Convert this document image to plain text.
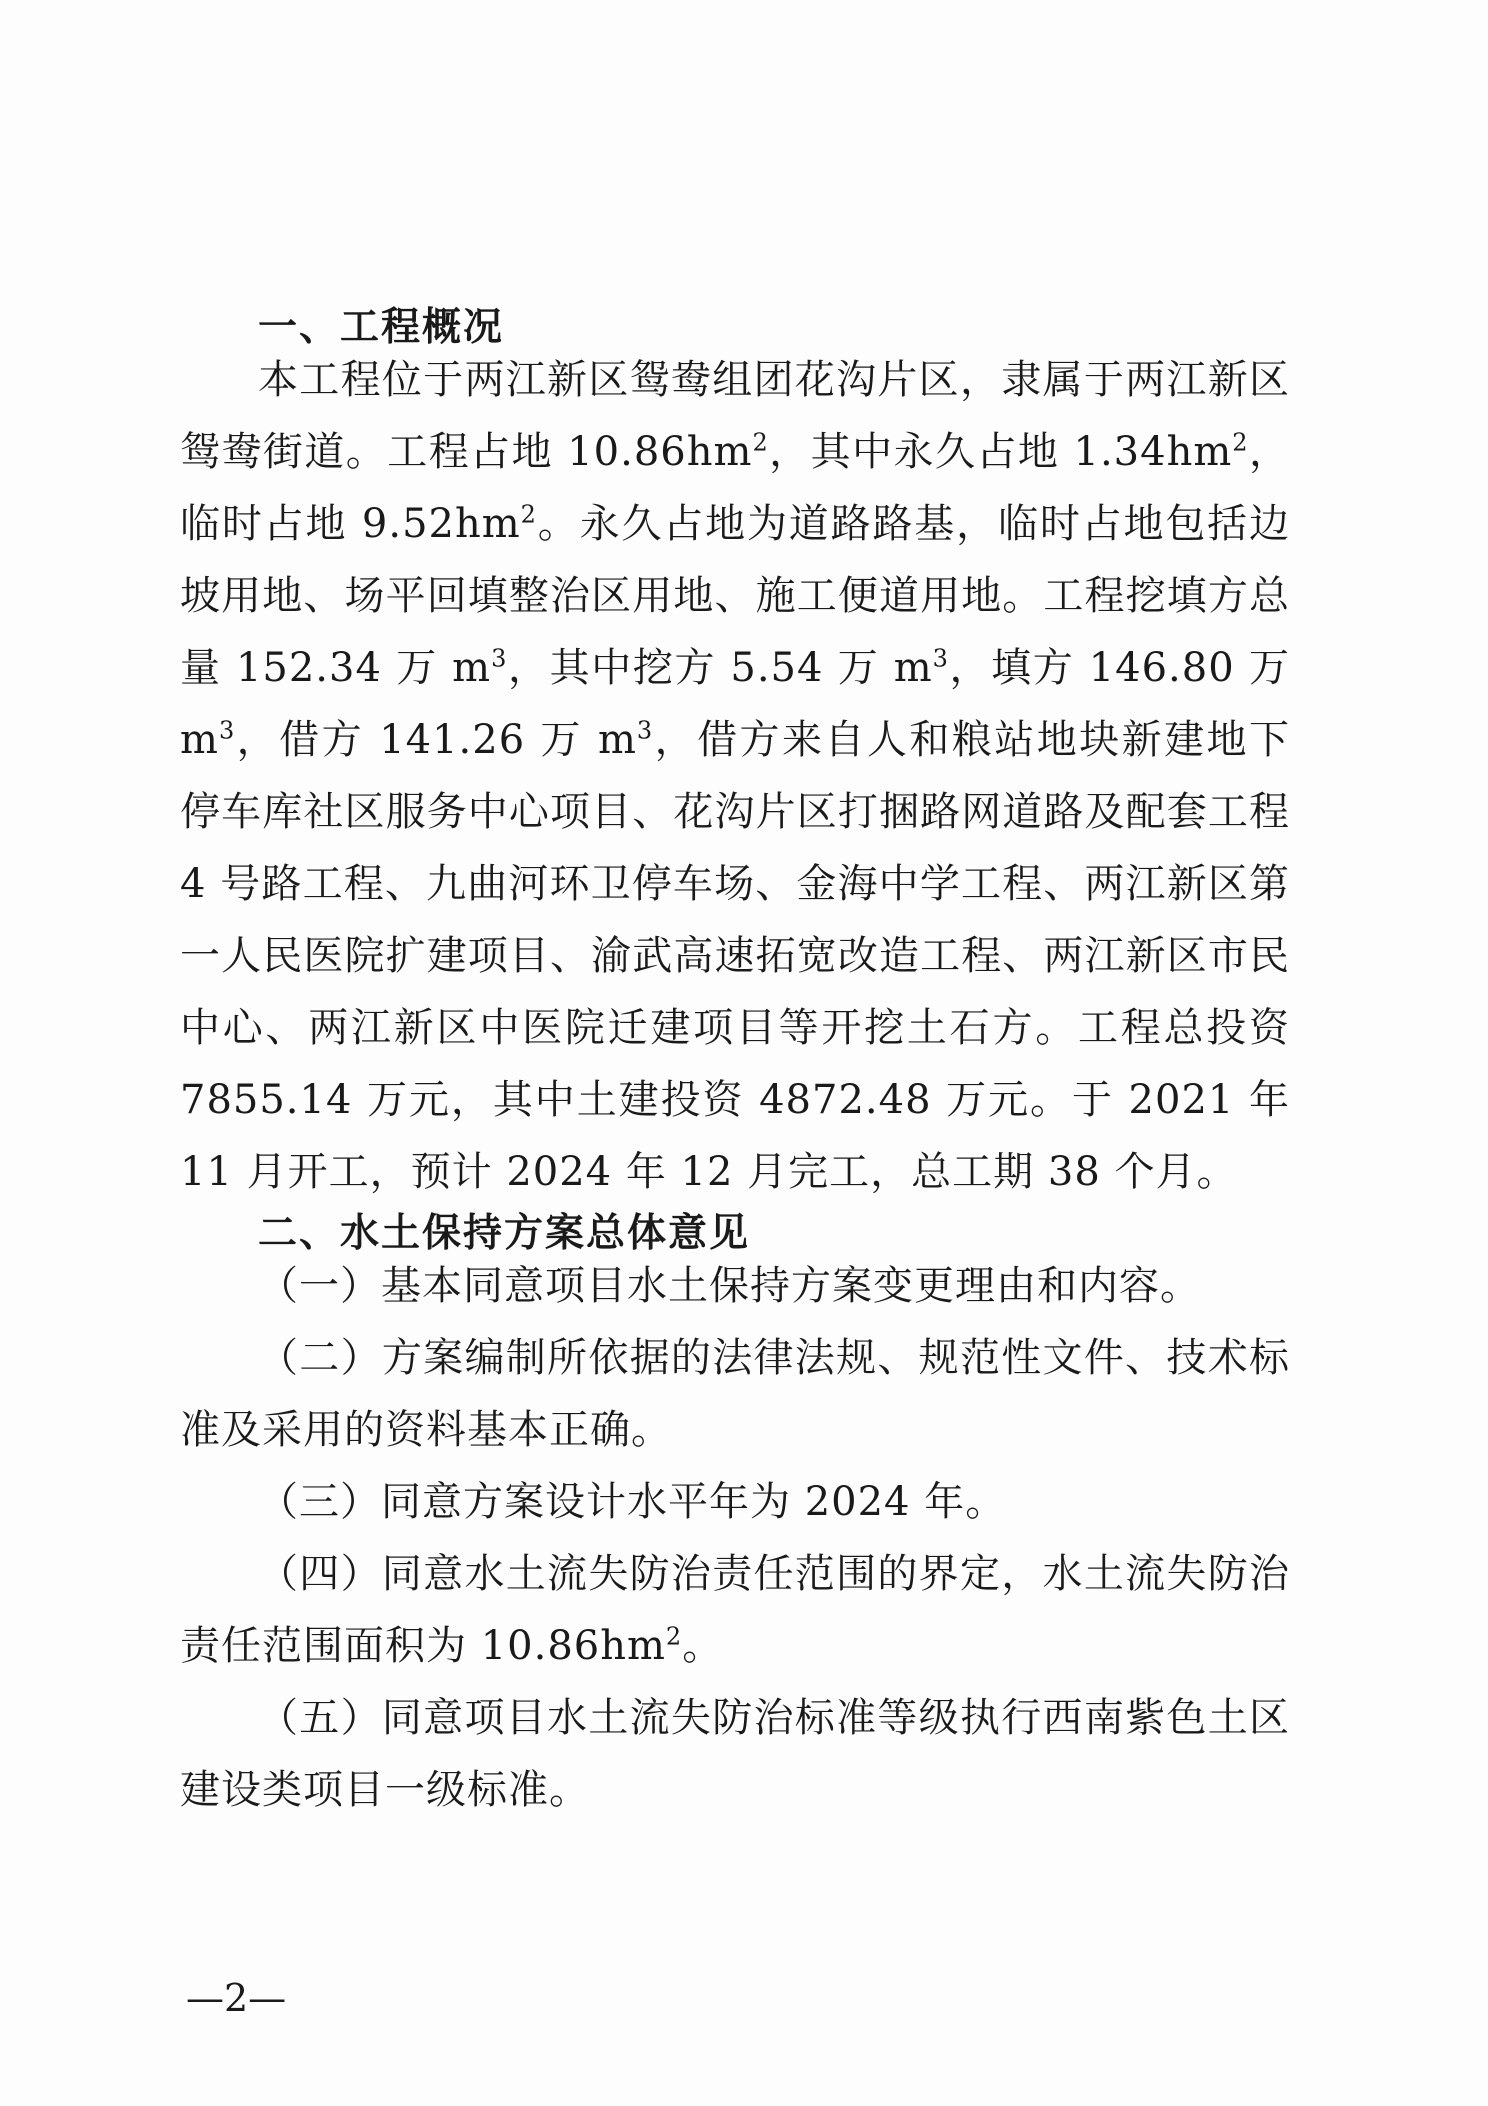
一、工程概况

本工程位于两江新区鸳鸯组团花沟片区，隶属于两江新区鸳鸯街道。工程占地 $10.86hm^2$，其中永久占地 $1.34hm^2$，临时占地 $9.52hm^2$。永久占地为道路路基，临时占地包括边坡用地、场平回填整治区用地、施工便道用地。工程挖填方总量 152.34 万 $m^3$，其中挖方 5.54 万 $m^3$，填方 146.80 万 $m^3$，借方 141.26 万 $m^3$，借方来自人和粮站地块新建地下停车库社区服务中心项目、花沟片区打捆路网道路及配套工程 4 号路工程、九曲河环卫停车场、金海中学工程、两江新区第一人民医院扩建项目、渝武高速拓宽改造工程、两江新区市民中心、两江新区中医院迁建项目等开挖土石方。工程总投资 7855.14 万元，其中土建投资 4872.48 万元。于 2021 年 11 月开工，预计 2024 年 12 月完工，总工期 38 个月。

二、水土保持方案总体意见

（一）基本同意项目水土保持方案变更理由和内容。

（二）方案编制所依据的法律法规、规范性文件、技术标准及采用的资料基本正确。

（三）同意方案设计水平年为 2024 年。

（四）同意水土流失防治责任范围的界定，水土流失防治责任范围面积为 $10.86hm^2$。

（五）同意项目水土流失防治标准等级执行西南紫色土区建设类项目一级标准。

—2—
